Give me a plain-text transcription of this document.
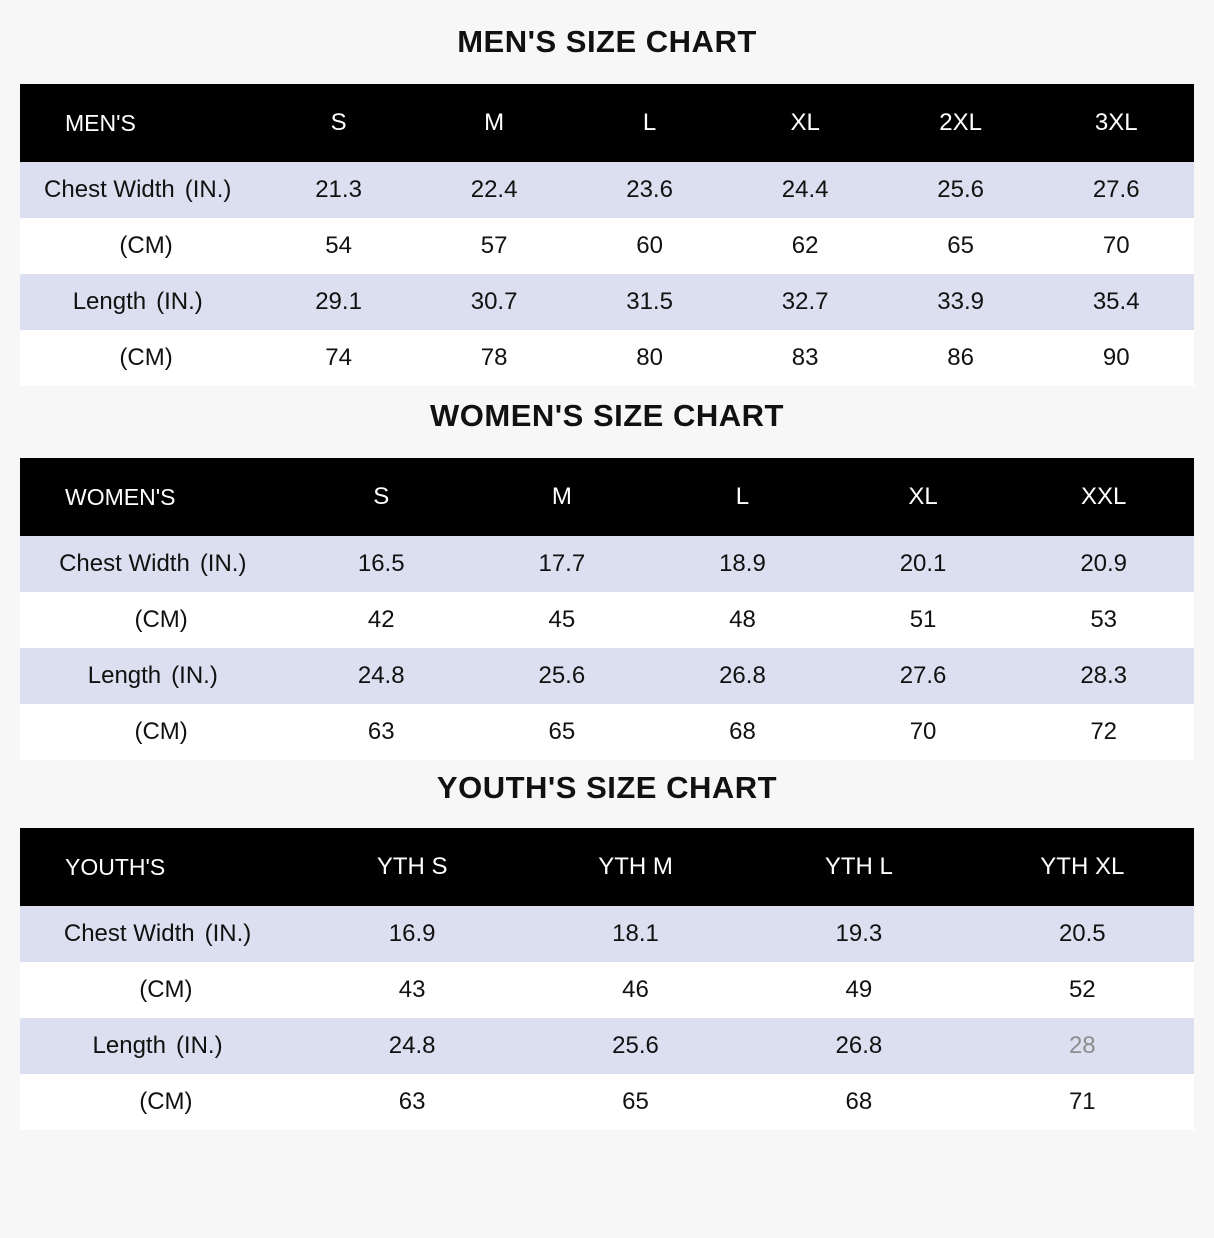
MEN'S SIZE CHART
MEN'S	S	M	L	XL	2XL	3XL
Chest Width (IN.)	21.3	22.4	23.6	24.4	25.6	27.6
(CM)	54	57	60	62	65	70
Length (IN.)	29.1	30.7	31.5	32.7	33.9	35.4
(CM)	74	78	80	83	86	90
WOMEN'S SIZE CHART
WOMEN'S	S	M	L	XL	XXL
Chest Width (IN.)	16.5	17.7	18.9	20.1	20.9
(CM)	42	45	48	51	53
Length (IN.)	24.8	25.6	26.8	27.6	28.3
(CM)	63	65	68	70	72
YOUTH'S SIZE CHART
YOUTH'S	YTH S	YTH M	YTH L	YTH XL
Chest Width (IN.)	16.9	18.1	19.3	20.5
(CM)	43	46	49	52
Length (IN.)	24.8	25.6	26.8	28
(CM)	63	65	68	71
